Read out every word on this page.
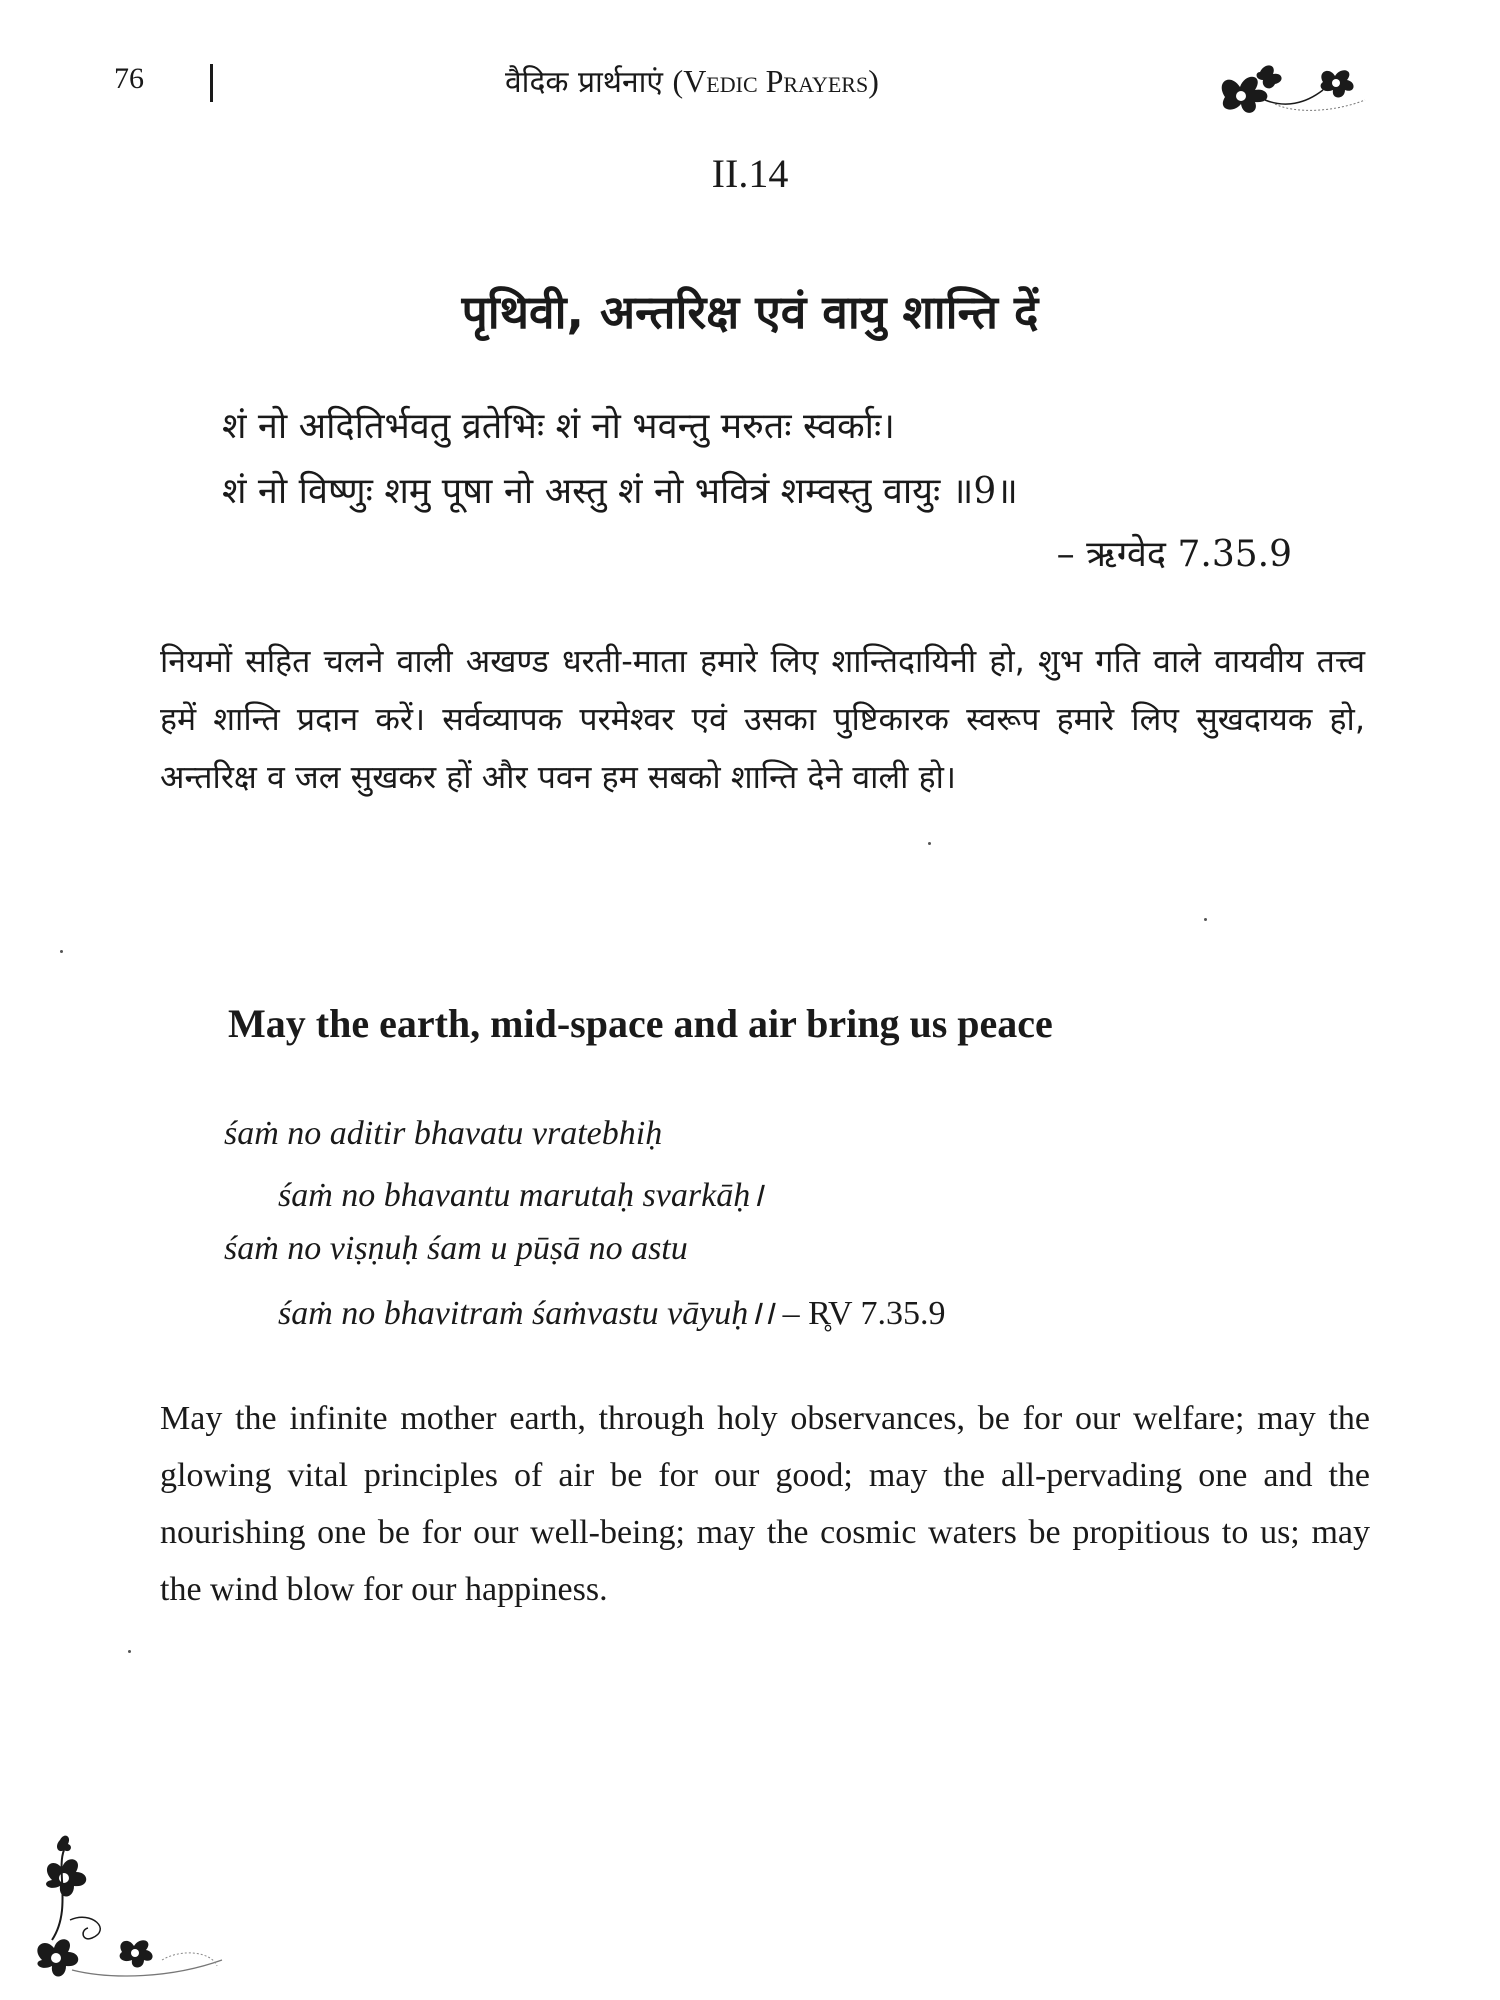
76	वैदिक प्रार्थनाएं (Vedic Prayers)
II.14
पृथिवी, अन्तरिक्ष एवं वायु शान्ति दें
शं नो अदितिर्भवतु व्रतेभिः शं नो भवन्तु मरुतः स्वर्काः।
शं नो विष्णुः शमु पूषा नो अस्तु शं नो भवित्रं शम्वस्तु वायुः ॥9॥
– ऋग्वेद 7.35.9

नियमों सहित चलने वाली अखण्ड धरती-माता हमारे लिए शान्तिदायिनी हो, शुभ गति वाले वायवीय तत्त्व हमें शान्ति प्रदान करें। सर्वव्यापक परमेश्वर एवं उसका पुष्टिकारक स्वरूप हमारे लिए सुखदायक हो, अन्तरिक्ष व जल सुखकर हों और पवन हम सबको शान्ति देने वाली हो।

May the earth, mid-space and air bring us peace
śaṁ no aditir bhavatu vratebhiḥ
śaṁ no bhavantu marutaḥ svarkāḥ।
śaṁ no viṣṇuḥ śam u pūṣā no astu
śaṁ no bhavitraṁ śaṁvastu vāyuḥ।। – R̥V 7.35.9

May the infinite mother earth, through holy observances, be for our welfare; may the glowing vital principles of air be for our good; may the all-pervading one and the nourishing one be for our well-being; may the cosmic waters be propitious to us; may the wind blow for our happiness.
